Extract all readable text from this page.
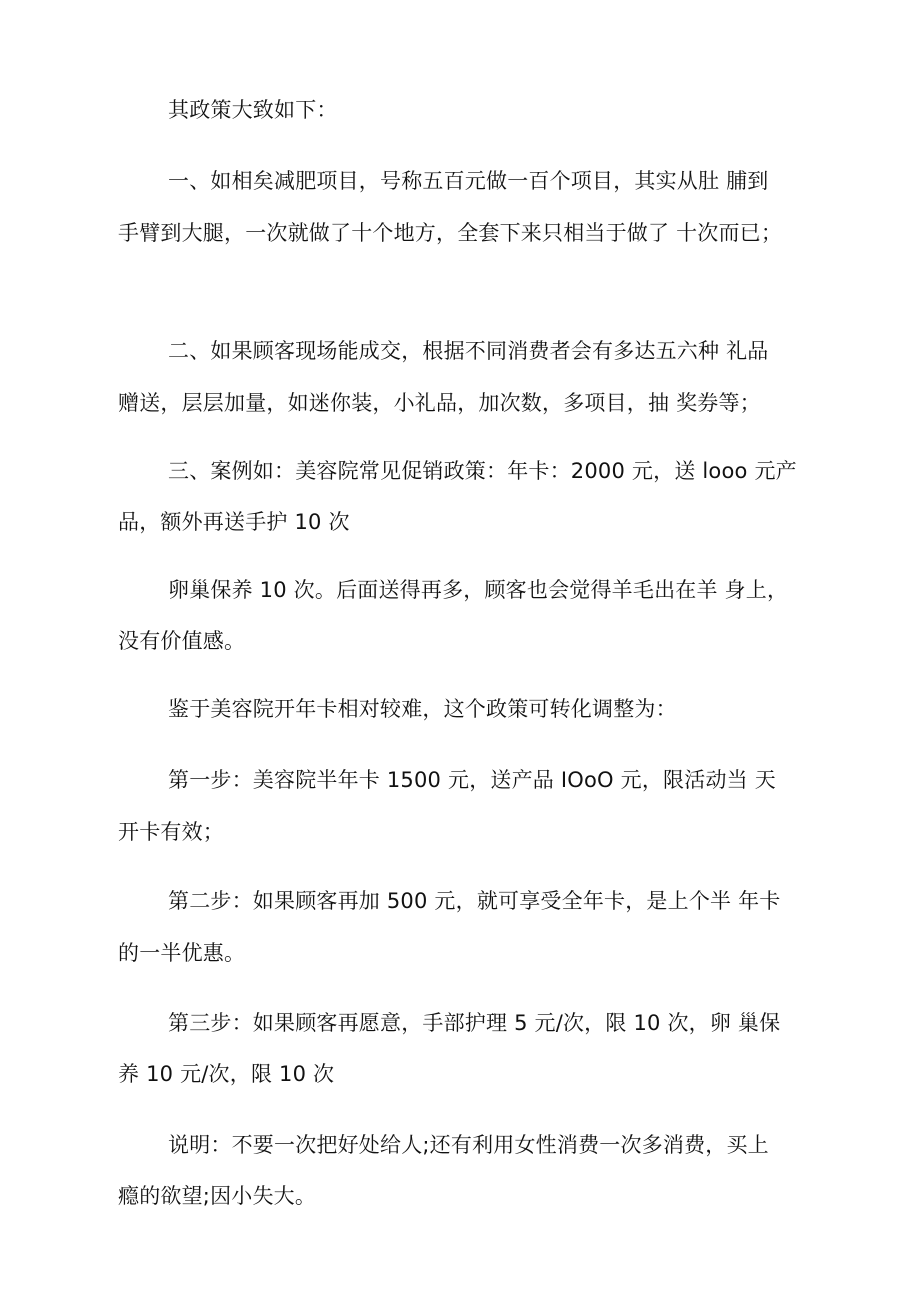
其政策大致如下：
一、如相矣减肥项目，号称五百元做一百个项目，其实从肚 脯到
手臂到大腿，一次就做了十个地方，全套下来只相当于做了 十次而已；
二、如果顾客现场能成交，根据不同消费者会有多达五六种 礼品
赠送，层层加量，如迷你装，小礼品，加次数，多项目，抽 奖券等；
三、案例如：美容院常见促销政策：年卡：2000 元，送 looo 元产
品，额外再送手护 10 次
卵巢保养 10 次。后面送得再多，顾客也会觉得羊毛出在羊 身上，
没有价值感。
鉴于美容院开年卡相对较难，这个政策可转化调整为：
第一步：美容院半年卡 1500 元，送产品 IOoO 元，限活动当 天
开卡有效；
第二步：如果顾客再加 500 元，就可享受全年卡，是上个半 年卡
的一半优惠。
第三步：如果顾客再愿意，手部护理 5 元/次，限 10 次，卵 巢保
养 10 元/次，限 10 次
说明：不要一次把好处给人;还有利用女性消费一次多消费，买上
瘾的欲望;因小失大。
